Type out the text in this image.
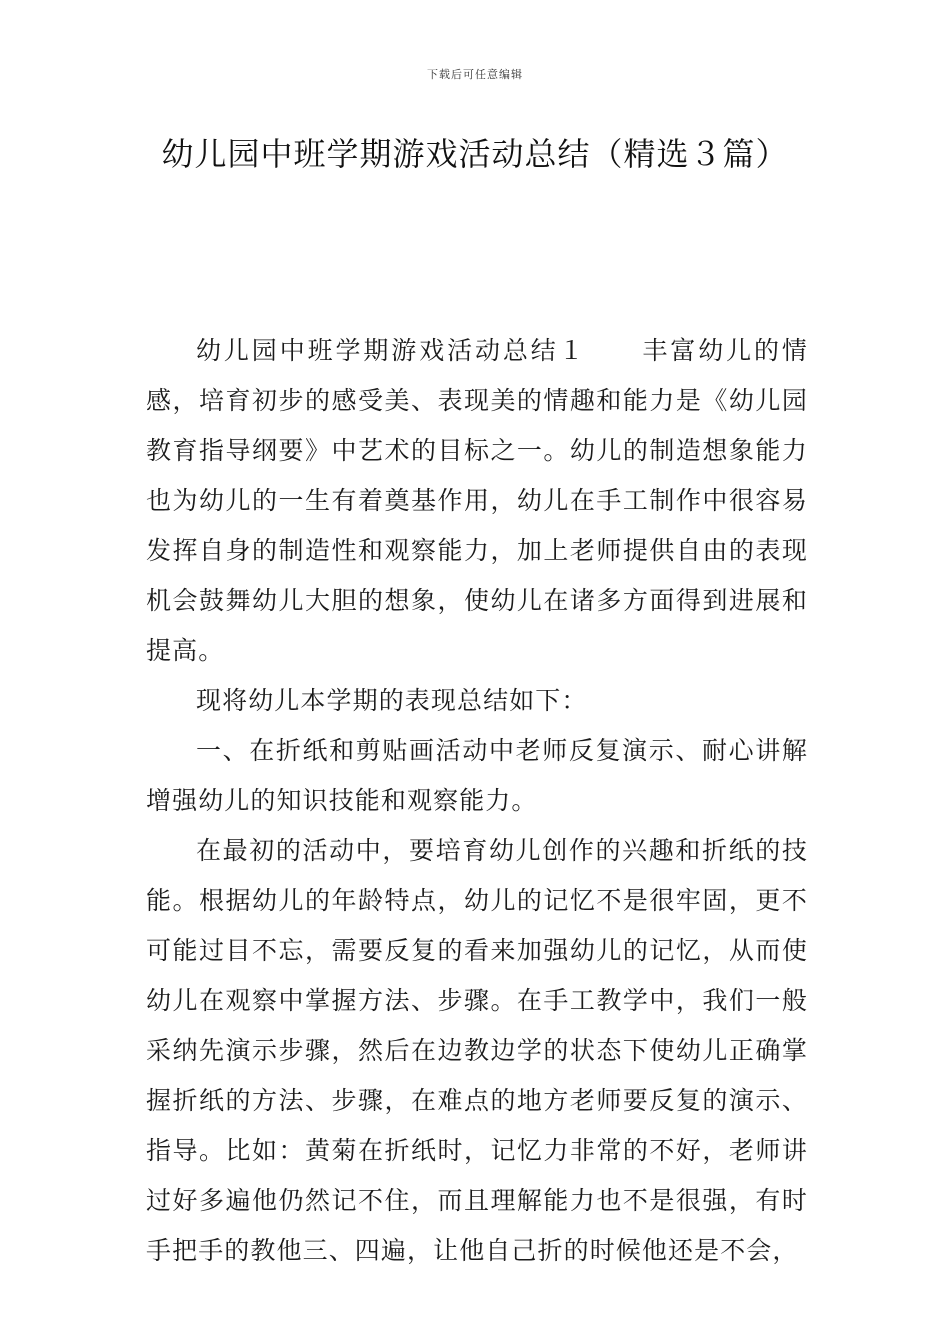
下载后可任意编辑
幼儿园中班学期游戏活动总结（精选３篇）

幼儿园中班学期游戏活动总结１ 丰富幼儿的情感，培育初步的感受美、表现美的情趣和能力是《幼儿园教育指导纲要》中艺术的目标之一。幼儿的制造想象能力也为幼儿的一生有着奠基作用，幼儿在手工制作中很容易发挥自身的制造性和观察能力，加上老师提供自由的表现机会鼓舞幼儿大胆的想象，使幼儿在诸多方面得到进展和提高。

现将幼儿本学期的表现总结如下：

一、在折纸和剪贴画活动中老师反复演示、耐心讲解增强幼儿的知识技能和观察能力。

在最初的活动中，要培育幼儿创作的兴趣和折纸的技能。根据幼儿的年龄特点，幼儿的记忆不是很牢固，更不可能过目不忘，需要反复的看来加强幼儿的记忆，从而使幼儿在观察中掌握方法、步骤。在手工教学中，我们一般采纳先演示步骤，然后在边教边学的状态下使幼儿正确掌握折纸的方法、步骤，在难点的地方老师要反复的演示、指导。比如：黄菊在折纸时，记忆力非常的不好，老师讲过好多遍他仍然记不住，而且理解能力也不是很强，有时手把手的教他三、四遍，让他自己折的时候他还是不会，
